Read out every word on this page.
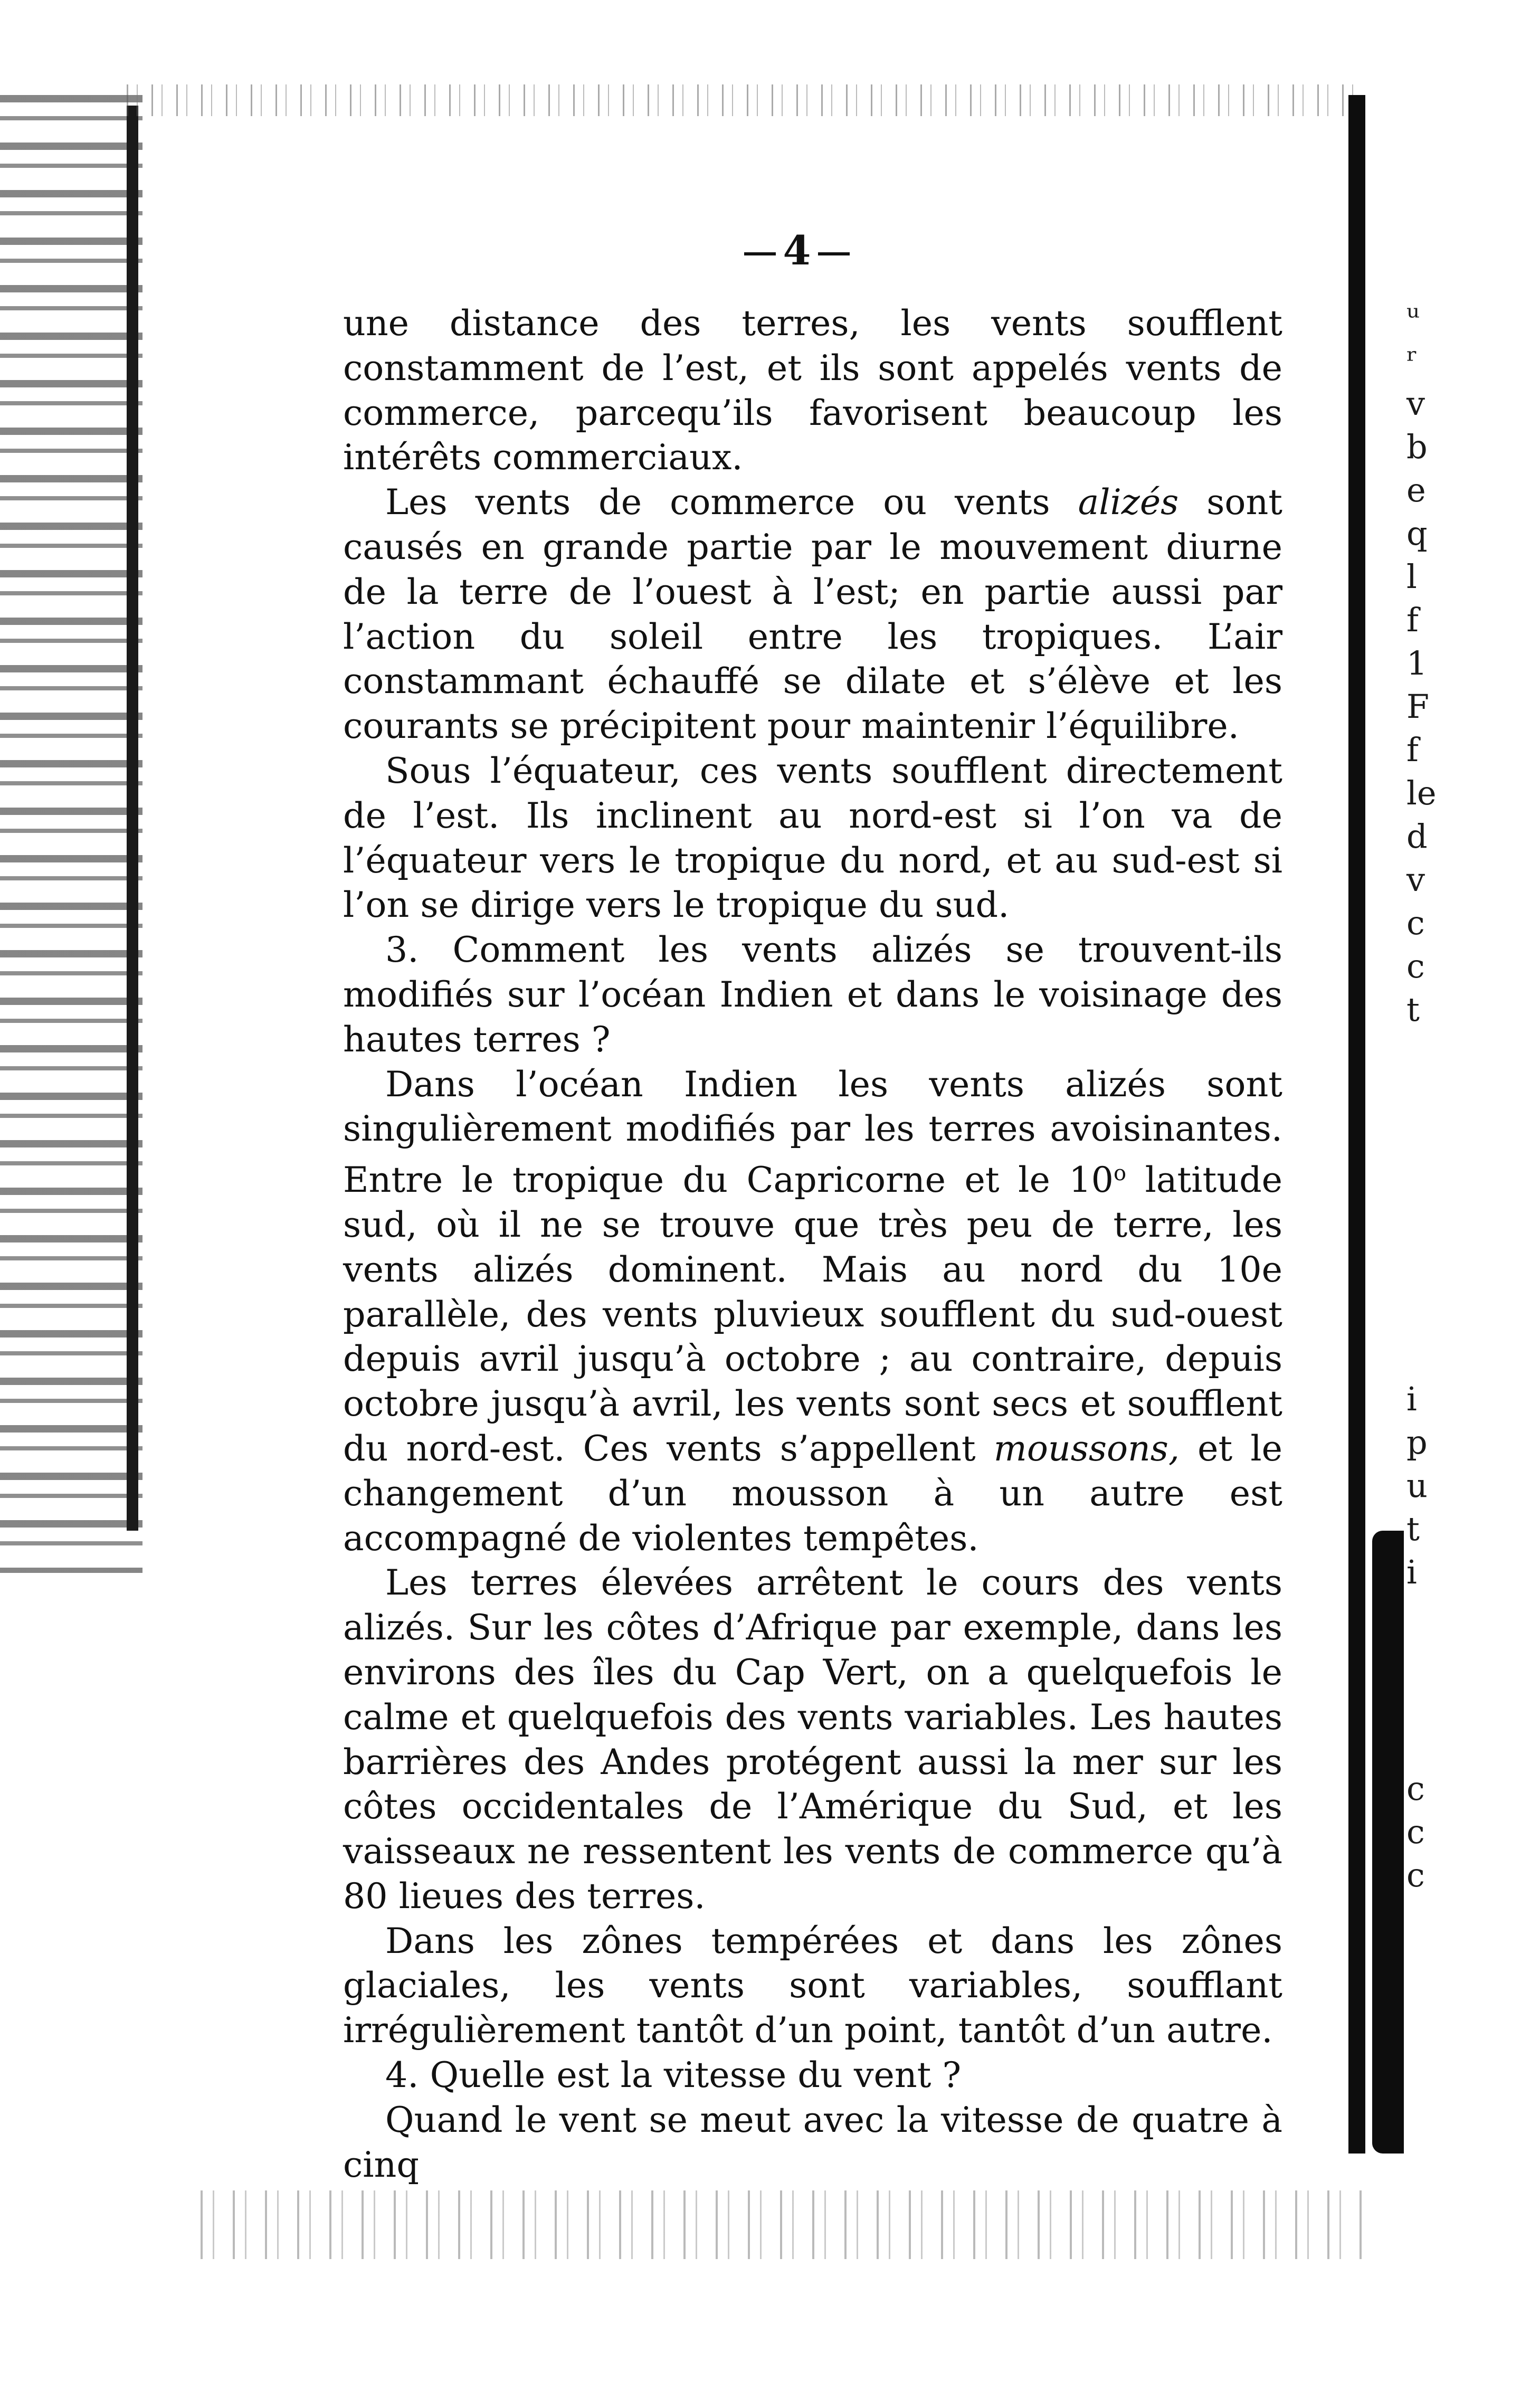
ᵘ
ʳ
v
b
e
q
l
f
1
F
f
le
d
v
c
c
t
i
p
u
t
i
c
c
c
4

une distance des terres, les vents soufflent constamment de l’est, et ils sont appelés vents de commerce, parcequ’ils favorisent beaucoup les intérêts commerciaux.

Les vents de commerce ou vents alizés sont causés en grande partie par le mouvement diurne de la terre de l’ouest à l’est; en partie aussi par l’action du soleil entre les tropiques. L’air constammant échauffé se dilate et s’élève et les courants se précipitent pour maintenir l’équilibre.

Sous l’équateur, ces vents soufflent directement de l’est. Ils inclinent au nord-est si l’on va de l’équateur vers le tropique du nord, et au sud-est si l’on se dirige vers le tropique du sud.

3. Comment les vents alizés se trouvent-ils modifiés sur l’océan Indien et dans le voisinage des hautes terres ?

Dans l’océan Indien les vents alizés sont singulièrement modifiés par les terres avoisinantes. Entre le tropique du Capricorne et le 10$^o$ latitude sud, où il ne se trouve que très peu de terre, les vents alizés dominent. Mais au nord du 10e parallèle, des vents pluvieux soufflent du sud-ouest depuis avril jusqu’à octobre ; au contraire, depuis octobre jusqu’à avril, les vents sont secs et soufflent du nord-est. Ces vents s’appellent moussons, et le changement d’un mousson à un autre est accompagné de violentes tempêtes.

Les terres élevées arrêtent le cours des vents alizés. Sur les côtes d’Afrique par exemple, dans les environs des îles du Cap Vert, on a quelquefois le calme et quelquefois des vents variables. Les hautes barrières des Andes protégent aussi la mer sur les côtes occidentales de l’Amérique du Sud, et les vaisseaux ne ressentent les vents de commerce qu’à 80 lieues des terres.

Dans les zônes tempérées et dans les zônes glaciales, les vents sont variables, soufflant irrégulièrement tantôt d’un point, tantôt d’un autre.

4. Quelle est la vitesse du vent ?

Quand le vent se meut avec la vitesse de quatre à cinq
